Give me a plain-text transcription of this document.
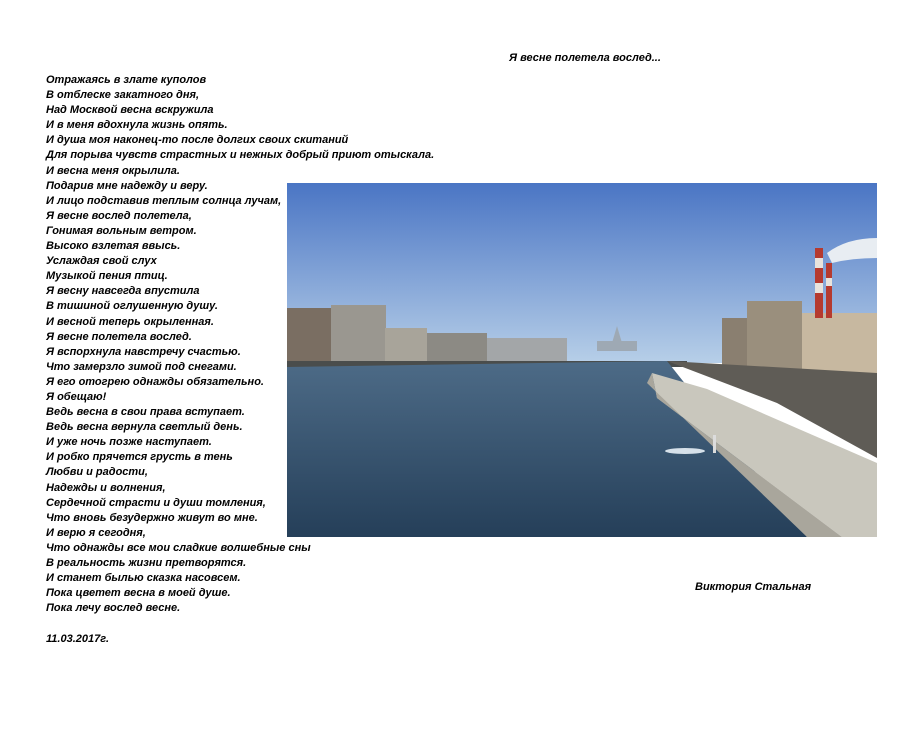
Я весне полетела вослед...
Отражаясь в злате куполов
В отблеске закатного дня,
Над Москвой весна вскружила
И в меня вдохнула жизнь опять.
И душа моя наконец-то после долгих своих скитаний
Для порыва чувств страстных и нежных добрый приют отыскала.
И весна меня окрылила.
Подарив мне надежду и веру.
И лицо подставив теплым солнца лучам,
Я весне вослед полетела,
Гонимая вольным ветром.
Высоко взлетая ввысь.
Услаждая свой слух
Музыкой пения птиц.
Я весну навсегда впустила
В тишиной оглушенную душу.
И весной теперь окрыленная.
Я весне полетела вослед.
Я вспорхнула навстречу счастью.
Что замерзло зимой под снегами.
Я его отогрею однажды обязательно.
Я обещаю!
Ведь весна в свои права вступает.
Ведь весна вернула светлый день.
И уже ночь позже наступает.
И робко прячется грусть в тень
Любви и радости,
Надежды и волнения,
Сердечной страсти и души томления,
Что вновь безудержно живут во мне.
И верю я сегодня,
Что однажды все мои сладкие волшебные сны
В реальность жизни претворятся.
И станет былью сказка насовсем.
Пока цветет весна в моей душе.
Пока лечу вослед весне.
11.03.2017г.
Виктория Стальная
